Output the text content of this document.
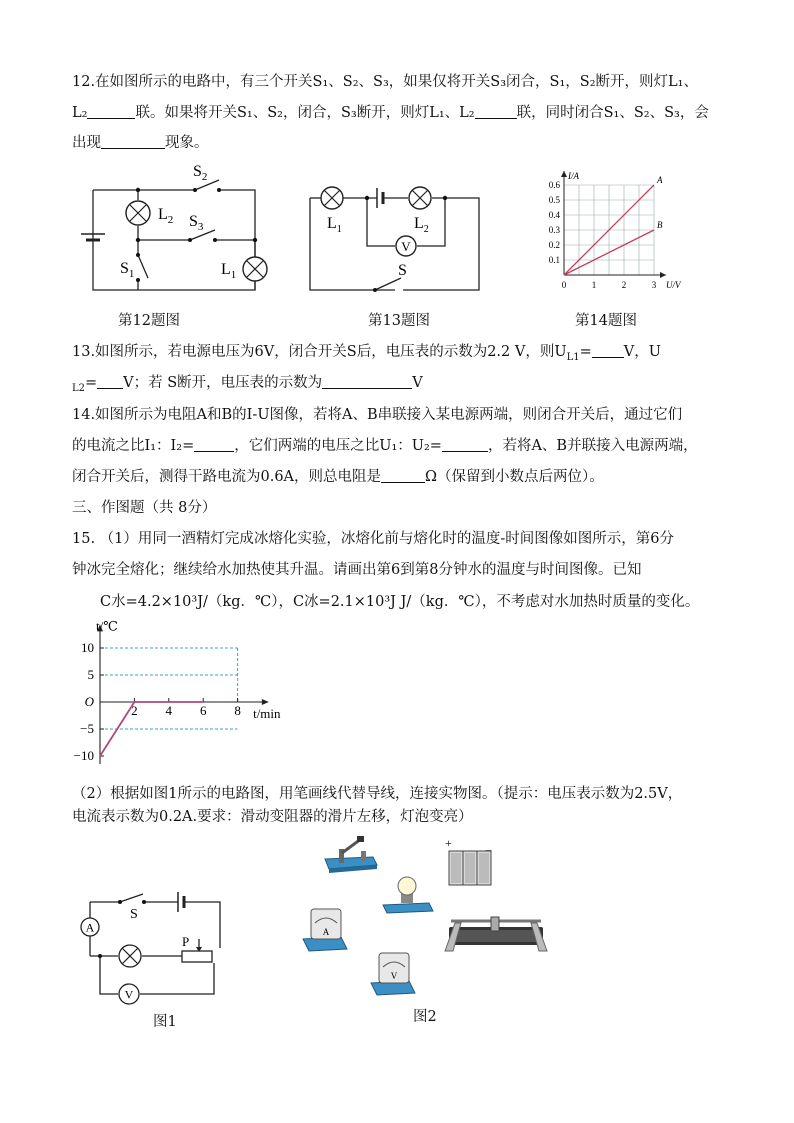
12.在如图所示的电路中，有三个开关S₁、S₂、S₃，如果仅将开关S₃闭合，S₁，S₂断开，则灯L₁、
L₂	联。如果将开关S₁、S₂，闭合，S₃断开，则灯L₁、L₂	联，同时闭合S₁、S₂、S₃，会
出现	现象。
$S_2$
$L_2$ $S_3$
$S_1$	$L_1$
V
$L_1$	$L_2$
S
0.1
0.2
0.3
0.4
0.5
0.6
0	1	2	3
I/A
U/V
A
B
第12题图	第13题图	第14题图
13.如图所示，若电源电压为6V，闭合开关S后，电压表的示数为2.2 V，则$U_{L1}= V$，U
$_{L2}$= V；若 S断开，电压表的示数为	V
14.如图所示为电阻A和B的I-U图像，若将A、B串联接入某电源两端，则闭合开关后，通过它们
的电流之比I₁：I₂=	，它们两端的电压之比U₁：U₂=	，若将A、B并联接入电源两端，
闭合开关后，测得干路电流为0.6A，则总电阻是	Ω（保留到小数点后两位）。
三、作图题（共 8分）
15. （1）用同一酒精灯完成冰熔化实验，冰熔化前与熔化时的温度-时间图像如图所示，第6分
钟冰完全熔化；继续给水加热使其升温。请画出第6到第8分钟水的温度与时间图像。已知
C水=4.2×10³J/（kg．℃），C冰=2.1×10³J J/（kg．℃），不考虑对水加热时质量的变化。
10
5
O
−5
−10
2 4 6 8
t/℃
t/min
（2）根据如图1所示的电路图，用笔画线代替导线，连接实物图。（提示：电压表示数为2.5V，
电流表示数为0.2A.要求：滑动变阻器的滑片左移，灯泡变亮）
A
V
S
P
图1
+	−
A
V
图2
